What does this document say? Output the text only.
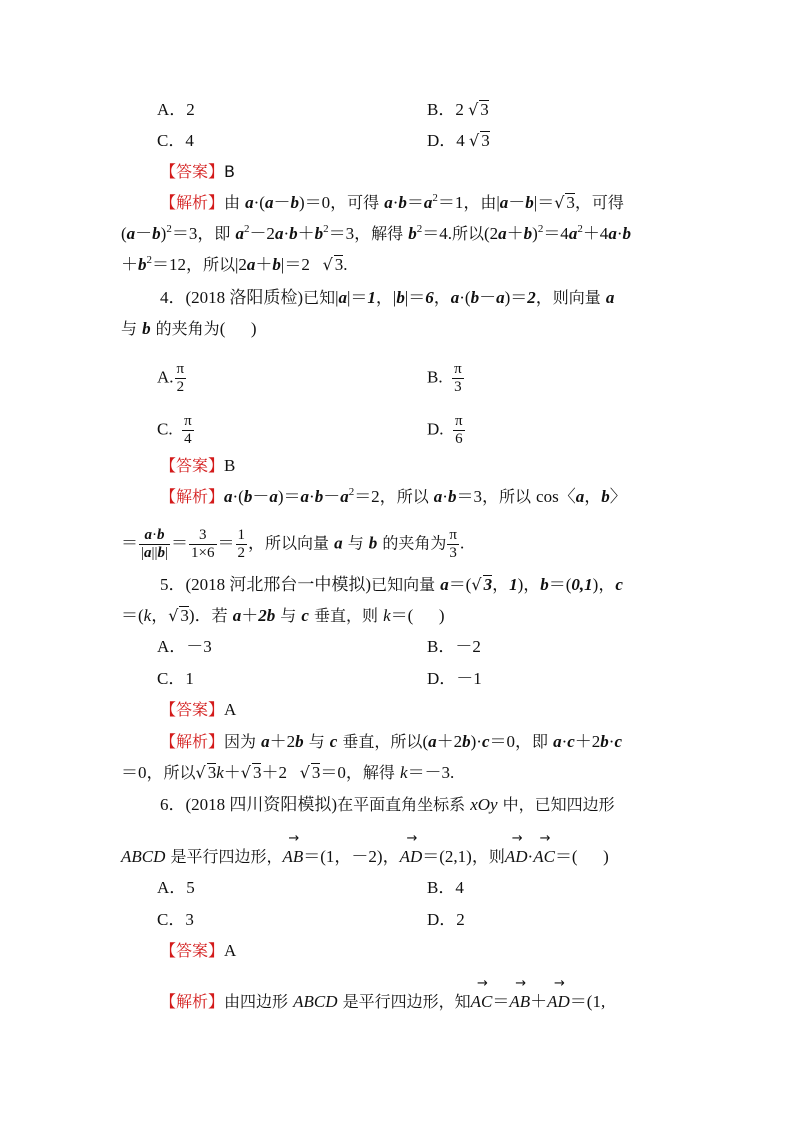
A．2	B．2 √ 3
C．4	D．4 √ 3
【答案】B
【解析】由 a·(a－b)＝0，可得 $a\cdot b=a^2=1$，由|a－b|＝√ 3，可得
$(a-b)^2=3$，即 $a^2-2a\cdot b+b^2=3$，解得 $b^2=4$.所以$(2a+b)^2=4a^2+4a\cdot b$
$+b^2=12$，所以|2a＋b|＝2   √ 3.
4．(2018 洛阳质检)已知|a|＝1，|b|＝6，a·(b－a)＝2，则向量 a
与 b 的夹角为(      )
A. $\frac{\pi}{2}$	B. $\frac{\pi}{3}$
C. $\frac{\pi}{4}$	D. $\frac{\pi}{6}$
【答案】B
【解析】$a\cdot(b-a)=a\cdot b-a^2=2$，所以 a·b＝3，所以 cos〈a，b〉
＝ $\frac{a\cdot b}{|a||b|} = \frac{3}{1\times 6} = \frac{1}{2}$ ，所以向量 a 与 b 的夹角为 $\frac{\pi}{3}$ .
5．(2018 河北邢台一中模拟)已知向量 a＝(√ 3，1)，b＝(0,1)，c
＝(k，√ 3)．若 a＋2b 与 c 垂直，则 k＝(      )
A．－3	B．－2
C．1	D．－1
【答案】A
【解析】因为 a＋2b 与 c 垂直，所以(a＋2b)·c＝0，即 a·c＋2b·c
＝0，所以√ 3k＋√ 3＋2   √ 3＝0，解得 k＝－3.
6．(2018 四川资阳模拟)在平面直角坐标系 xOy 中，已知四边形
ABCD 是平行四边形，
→
AB＝(1，－2)，
→
AD＝(2,1)，则
→
AD·
→
AC＝(      )
A．5	B．4
C．3	D．2
【答案】A
【解析】由四边形 ABCD 是平行四边形，知
→
AC＝
→
AB＋
→
AD＝(1,
